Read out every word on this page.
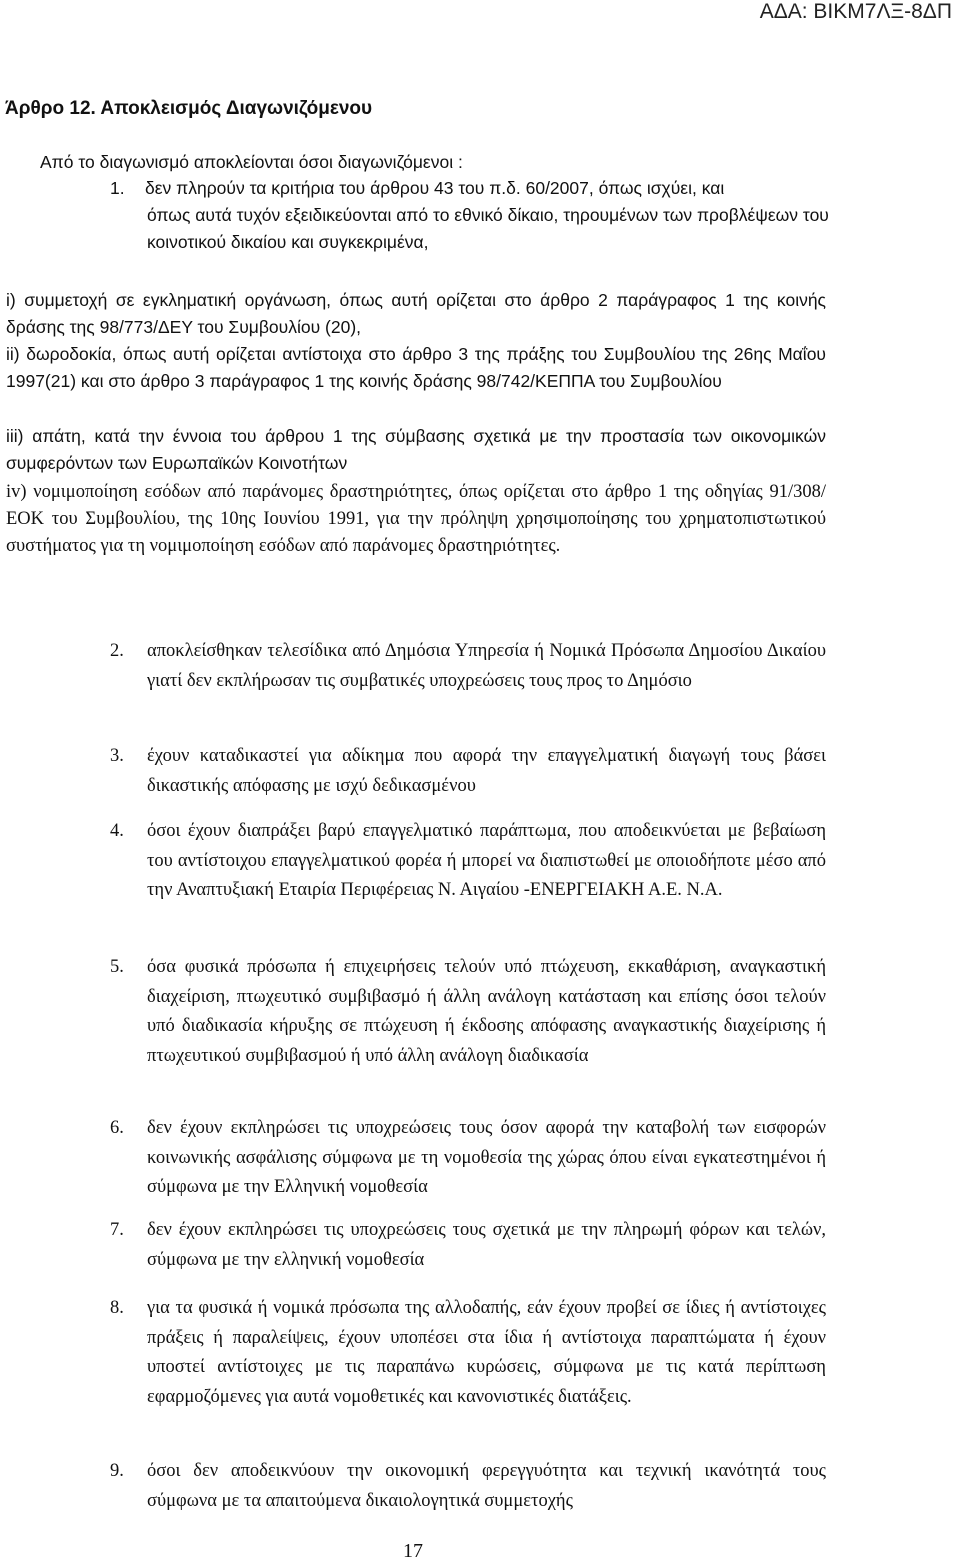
ΑΔΑ: ΒΙΚΜ7ΛΞ-8ΔΠ
Άρθρο 12. Αποκλεισμός Διαγωνιζόμενου
Από το διαγωνισμό αποκλείονται όσοι διαγωνιζόμενοι :
1.	δεν πληρούν τα κριτήρια του άρθρου 43 του π.δ. 60/2007, όπως ισχύει, και
όπως αυτά τυχόν εξειδικεύονται από το εθνικό δίκαιο, τηρουμένων των προβλέψεων του κοινοτικού δικαίου και συγκεκριμένα,
i) συμμετοχή σε εγκληματική οργάνωση, όπως αυτή ορίζεται στο άρθρο 2 παράγραφος 1 της κοινής δράσης της 98/773/ΔΕΥ του Συμβουλίου (20),
ii) δωροδοκία, όπως αυτή ορίζεται αντίστοιχα στο άρθρο 3 της πράξης του Συμβουλίου της 26ης Μαΐου 1997(21) και στο άρθρο 3 παράγραφος 1 της κοινής δράσης 98/742/ΚΕΠΠΑ του Συμβουλίου
iii) απάτη, κατά την έννοια του άρθρου 1 της σύμβασης σχετικά με την προστασία των οικονομικών συμφερόντων των Ευρωπαϊκών Κοινοτήτων
iv) νομιμοποίηση εσόδων από παράνομες δραστηριότητες, όπως ορίζεται στο άρθρο 1 της οδηγίας 91/308/ΕΟΚ του Συμβουλίου, της 10ης Ιουνίου 1991, για την πρόληψη χρησιμοποίησης του χρηματοπιστωτικού συστήματος για τη νομιμοποίηση εσόδων από παράνομες δραστηριότητες.
2. αποκλείσθηκαν τελεσίδικα από Δημόσια Υπηρεσία ή Νομικά Πρόσωπα Δημοσίου Δικαίου γιατί δεν εκπλήρωσαν τις συμβατικές υποχρεώσεις τους προς το Δημόσιο
3. έχουν καταδικαστεί για αδίκημα που αφορά την επαγγελματική διαγωγή τους βάσει δικαστικής απόφασης με ισχύ δεδικασμένου
4. όσοι έχουν διαπράξει βαρύ επαγγελματικό παράπτωμα, που αποδεικνύεται με βεβαίωση του αντίστοιχου επαγγελματικού φορέα ή μπορεί να διαπιστωθεί με οποιοδήποτε μέσο από την Αναπτυξιακή Εταιρία Περιφέρειας Ν. Αιγαίου -ΕΝΕΡΓΕΙΑΚΗ Α.Ε. Ν.Α.
5. όσα φυσικά πρόσωπα ή επιχειρήσεις τελούν υπό πτώχευση, εκκαθάριση, αναγκαστική διαχείριση, πτωχευτικό συμβιβασμό ή άλλη ανάλογη κατάσταση και επίσης όσοι τελούν υπό διαδικασία κήρυξης σε πτώχευση ή έκδοσης απόφασης αναγκαστικής διαχείρισης ή πτωχευτικού συμβιβασμού ή υπό άλλη ανάλογη διαδικασία
6. δεν έχουν εκπληρώσει τις υποχρεώσεις τους όσον αφορά την καταβολή των εισφορών κοινωνικής ασφάλισης σύμφωνα με τη νομοθεσία της χώρας όπου είναι εγκατεστημένοι ή σύμφωνα με την Ελληνική νομοθεσία
7. δεν έχουν εκπληρώσει τις υποχρεώσεις τους σχετικά με την πληρωμή φόρων και τελών, σύμφωνα με την ελληνική νομοθεσία
8. για τα φυσικά ή νομικά πρόσωπα της αλλοδαπής, εάν έχουν προβεί σε ίδιες ή αντίστοιχες πράξεις ή παραλείψεις, έχουν υποπέσει στα ίδια ή αντίστοιχα παραπτώματα ή έχουν υποστεί αντίστοιχες με τις παραπάνω κυρώσεις, σύμφωνα με τις κατά περίπτωση εφαρμοζόμενες για αυτά νομοθετικές και κανονιστικές διατάξεις.
9. όσοι δεν αποδεικνύουν την οικονομική φερεγγυότητα και τεχνική ικανότητά τους σύμφωνα με τα απαιτούμενα δικαιολογητικά συμμετοχής
17
